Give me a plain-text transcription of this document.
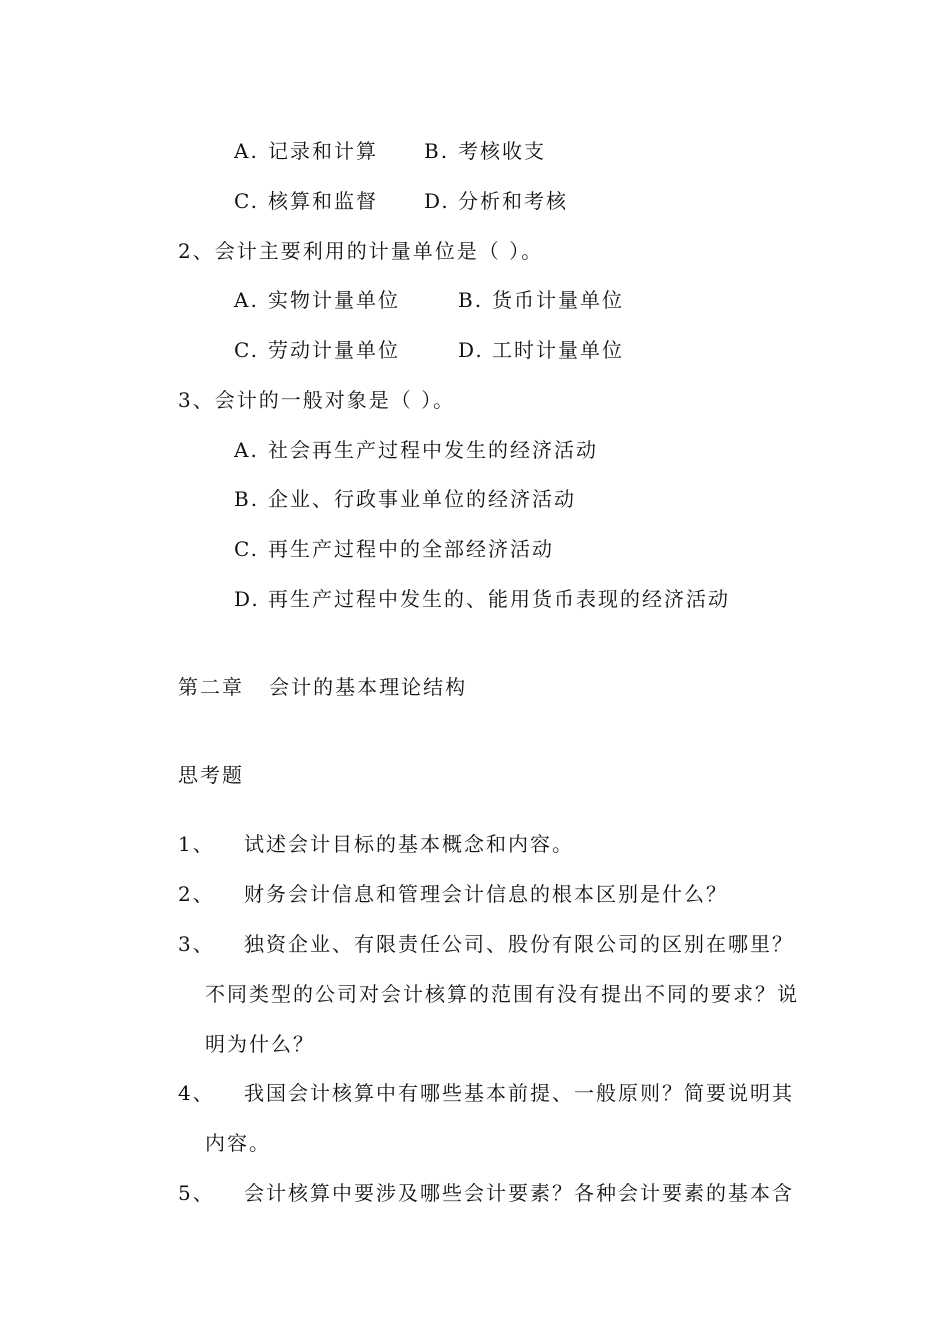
A. 记录和计算 B. 考核收支
C. 核算和监督 D. 分析和考核
2、会计主要利用的计量单位是（ ）。
A. 实物计量单位	B. 货币计量单位
C. 劳动计量单位	D. 工时计量单位
3、会计的一般对象是（ ）。
A. 社会再生产过程中发生的经济活动
B. 企业、行政事业单位的经济活动
C. 再生产过程中的全部经济活动
D. 再生产过程中发生的、能用货币表现的经济活动
第二章   会计的基本理论结构
思考题
1、 试述会计目标的基本概念和内容。
2、 财务会计信息和管理会计信息的根本区别是什么？
3、 独资企业、有限责任公司、股份有限公司的区别在哪里？
不同类型的公司对会计核算的范围有没有提出不同的要求？说
明为什么？
4、 我国会计核算中有哪些基本前提、一般原则？简要说明其
内容。
5、 会计核算中要涉及哪些会计要素？各种会计要素的基本含
